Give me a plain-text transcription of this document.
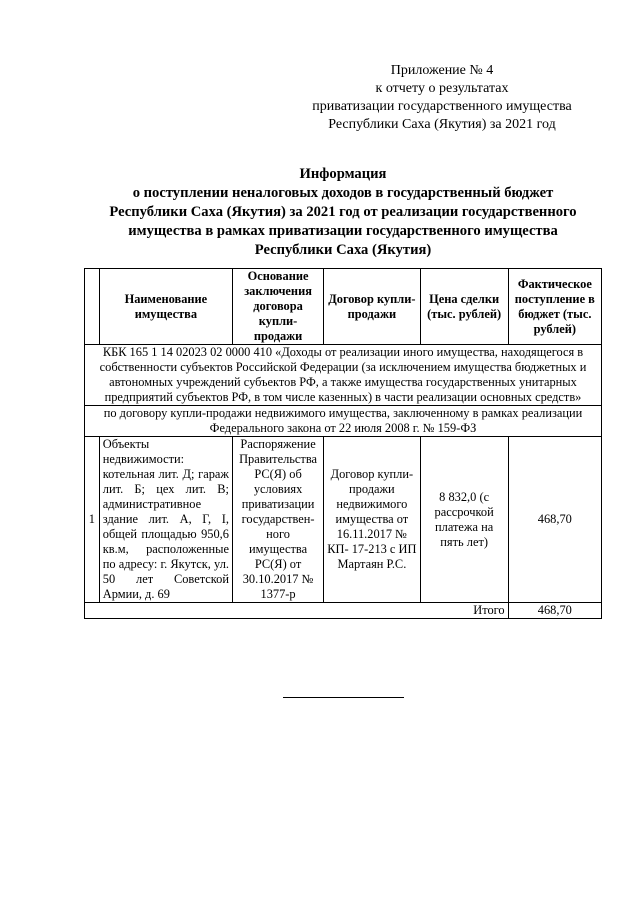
Приложение № 4
к отчету о результатах
приватизации государственного имущества
Республики Саха (Якутия) за 2021 год
Информация
о поступлении неналоговых доходов в государственный бюджет
Республики Саха (Якутия) за 2021 год от реализации государственного
имущества в рамках приватизации государственного имущества
Республики Саха (Якутия)
	Наименование имущества	Основание заключения договора купли-продажи	Договор купли-продажи	Цена сделки (тыс. рублей)	Фактическое поступление в бюджет (тыс. рублей)
КБК 165 1 14 02023 02 0000 410 «Доходы от реализации иного имущества, находящегося в собственности субъектов Российской Федерации (за исключением имущества бюджетных и автономных учреждений субъектов РФ, а также имущества государственных унитарных предприятий субъектов РФ, в том числе казенных) в части реализации основных средств»					
по договору купли-продажи недвижимого имущества, заключенному в рамках реализации Федерального закона от 22 июля 2008 г. № 159-ФЗ					
1	Объекты недвижимости: котельная лит. Д; гараж лит. Б; цех лит. В; административное здание лит. А, Г, I, общей площадью 950,6 кв.м, расположенные по адресу: г. Якутск, ул. 50 лет Советской Армии, д. 69	Распоряжение Правительства РС(Я) об условиях приватизации государствен-ного имущества РС(Я) от 30.10.2017 № 1377-р	Договор купли-продажи недвижимого имущества от 16.11.2017 № КП- 17-213 с ИП Мартаян Р.С.	8 832,0 (с рассрочкой платежа на пять лет)	468,70
Итого					468,70
